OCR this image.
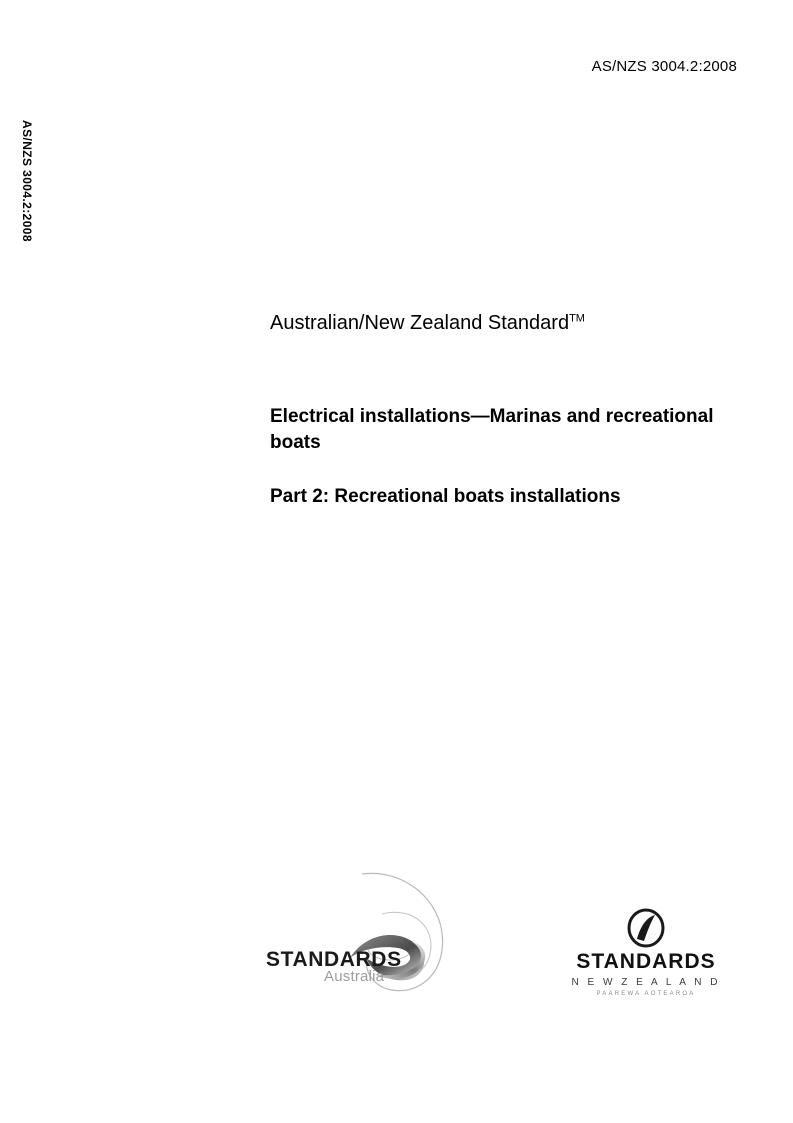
AS/NZS 3004.2:2008
AS/NZS 3004.2:2008

Australian/New Zealand Standard™

Electrical installations—Marinas and recreational boats
Part 2: Recreational boats installations
STANDARDS
Australia
STANDARDS
N E W Z E A L A N D
PAAREWA AOTEAROA
